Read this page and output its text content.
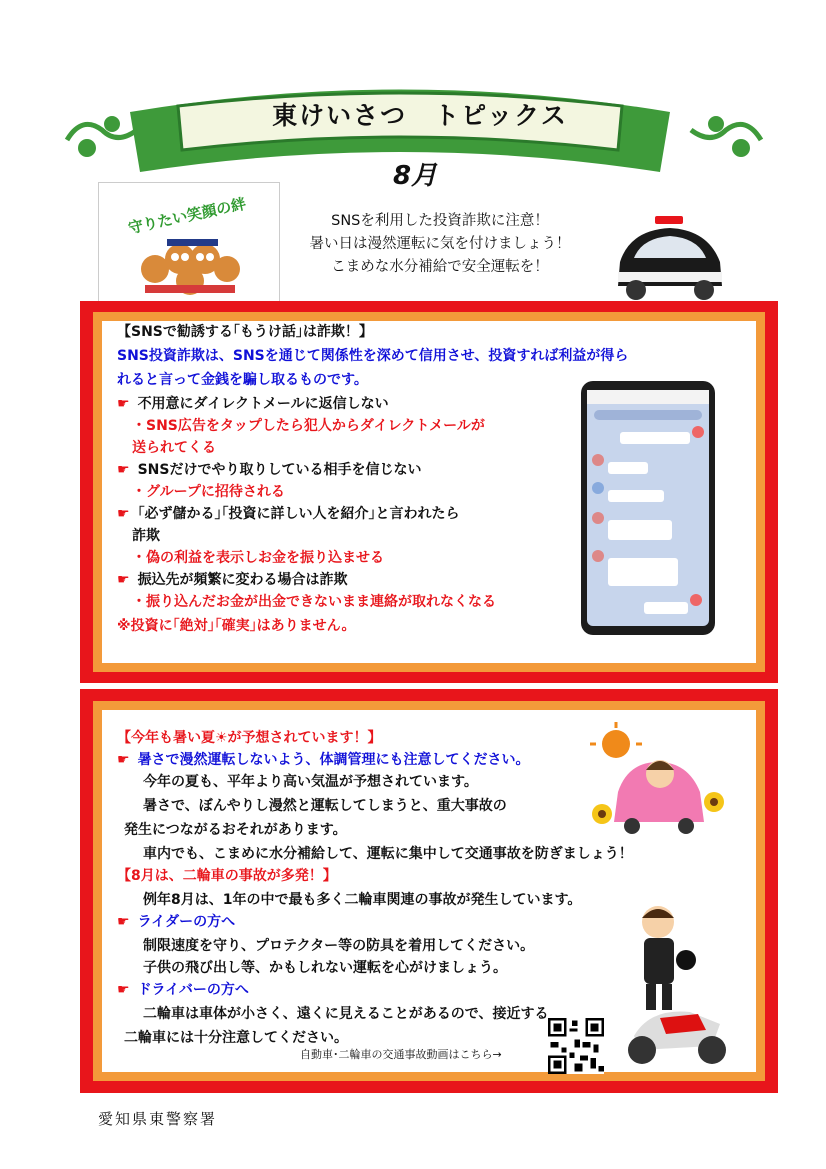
東けいさつ　トピックス
8月
守りたい笑顔の絆	SNSを利用した投資詐欺に注意！
暑い日は漫然運転に気を付けましょう！
こまめな水分補給で安全運転を！
【SNSで勧誘する｢もうけ話｣は詐欺！】
SNS投資詐欺は、SNSを通じて関係性を深めて信用させ、投資すれば利益が得ら
れると言って金銭を騙し取るものです。
☛ 不用意にダイレクトメールに返信しない
・SNS広告をタップしたら犯人からダイレクトメールが
送られてくる
☛ SNSだけでやり取りしている相手を信じない
・グループに招待される
☛ ｢必ず儲かる｣｢投資に詳しい人を紹介｣と言われたら
詐欺
・偽の利益を表示しお金を振り込ませる
☛ 振込先が頻繁に変わる場合は詐欺
・振り込んだお金が出金できないまま連絡が取れなくなる
※投資に｢絶対｣｢確実｣はありません。
【今年も暑い夏☀が予想されています！】
☛ 暑さで漫然運転しないよう、体調管理にも注意してください。
今年の夏も、平年より高い気温が予想されています。
暑さで、ぼんやりし漫然と運転してしまうと、重大事故の
発生につながるおそれがあります。
車内でも、こまめに水分補給して、運転に集中して交通事故を防ぎましょう！
【8月は、二輪車の事故が多発！】
例年8月は、1年の中で最も多く二輪車関連の事故が発生しています。
☛ ライダーの方へ
制限速度を守り、プロテクター等の防具を着用してください。
子供の飛び出し等、かもしれない運転を心がけましょう。
☛ ドライバーの方へ
二輪車は車体が小さく、遠くに見えることがあるので、接近する
二輪車には十分注意してください。
自動車･二輪車の交通事故動画はこちら→
愛知県東警察署
